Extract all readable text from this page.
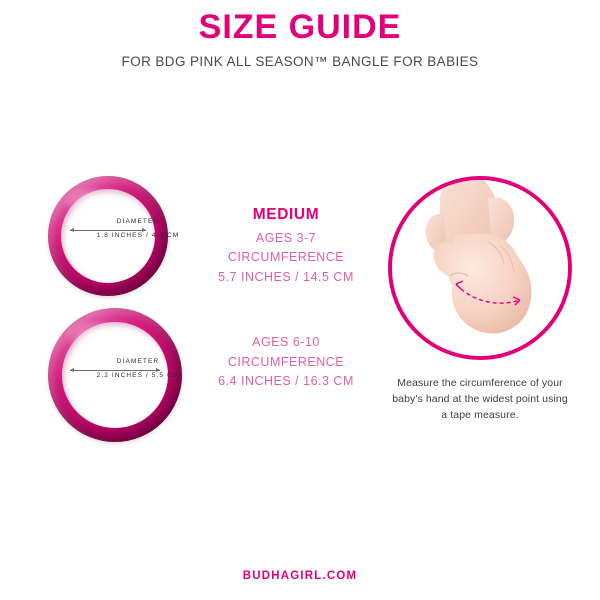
SIZE GUIDE
FOR BDG PINK ALL SEASON™ BANGLE FOR BABIES
DIAMETER
1.8 INCHES / 4.6 CM
DIAMETER
2.2 INCHES / 5.5 CM
MEDIUM
AGES 3-7
CIRCUMFERENCE
5.7 INCHES / 14.5 CM
AGES 6-10
CIRCUMFERENCE
6.4 INCHES / 16.3 CM	Measure the circumference of your baby's hand at the widest point using a tape measure.
BUDHAGIRL.COM
